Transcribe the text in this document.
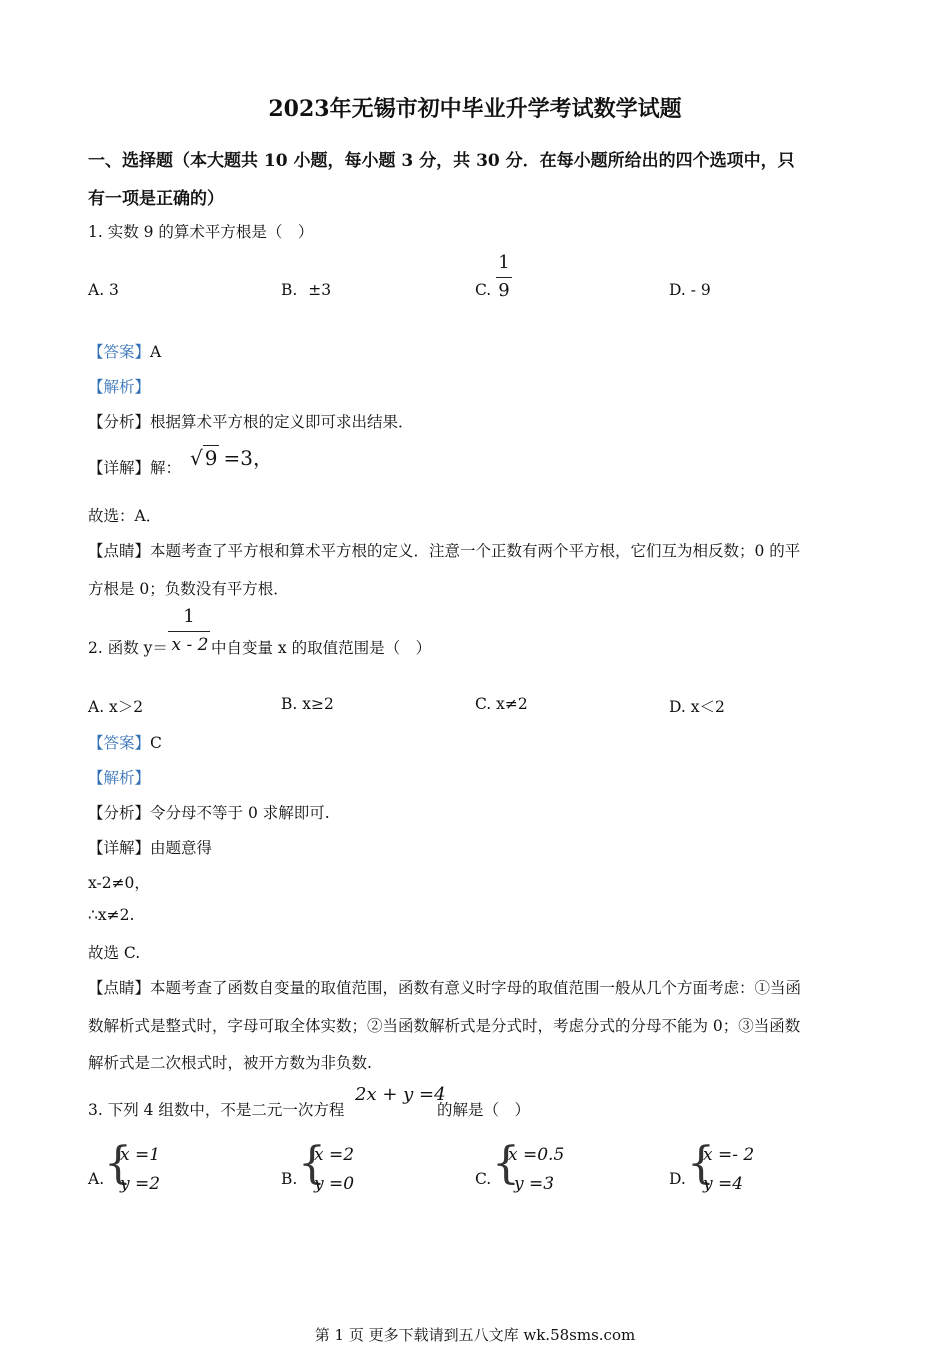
2023年无锡市初中毕业升学考试数学试题
一、选择题（本大题共 10 小题，每小题 3 分，共 30 分．在每小题所给出的四个选项中，只
有一项是正确的）
1. 实数 9 的算术平方根是（　）
A. 3	B. ±3	C.
1
9	D. - 9
【答案】A
【解析】
【分析】根据算术平方根的定义即可求出结果．
【详解】解： √ 9 =3，
故选：A．
【点睛】本题考查了平方根和算术平方根的定义．注意一个正数有两个平方根，它们互为相反数；0 的平
方根是 0；负数没有平方根．
2. 函数 y＝
1
x - 2 中自变量 x 的取值范围是（　）
A. x＞2	B. x≥2	C. x≠2	D. x＜2
【答案】C
【解析】
【分析】令分母不等于 0 求解即可.
【详解】由题意得
x-2≠0，
∴x≠2.
故选 C.
【点睛】本题考查了函数自变量的取值范围，函数有意义时字母的取值范围一般从几个方面考虑：①当函
数解析式是整式时，字母可取全体实数；②当函数解析式是分式时，考虑分式的分母不能为 0；③当函数
解析式是二次根式时，被开方数为非负数.
3. 下列 4 组数中，不是二元一次方程
2x + y =4
的解是（　）
A. {
x =1
y =2	B. {
x =2
y =0	C. {
x =0.5
y =3	D. {
x =- 2
y =4
第 1 页 更多下载请到五八文库 wk.58sms.com
